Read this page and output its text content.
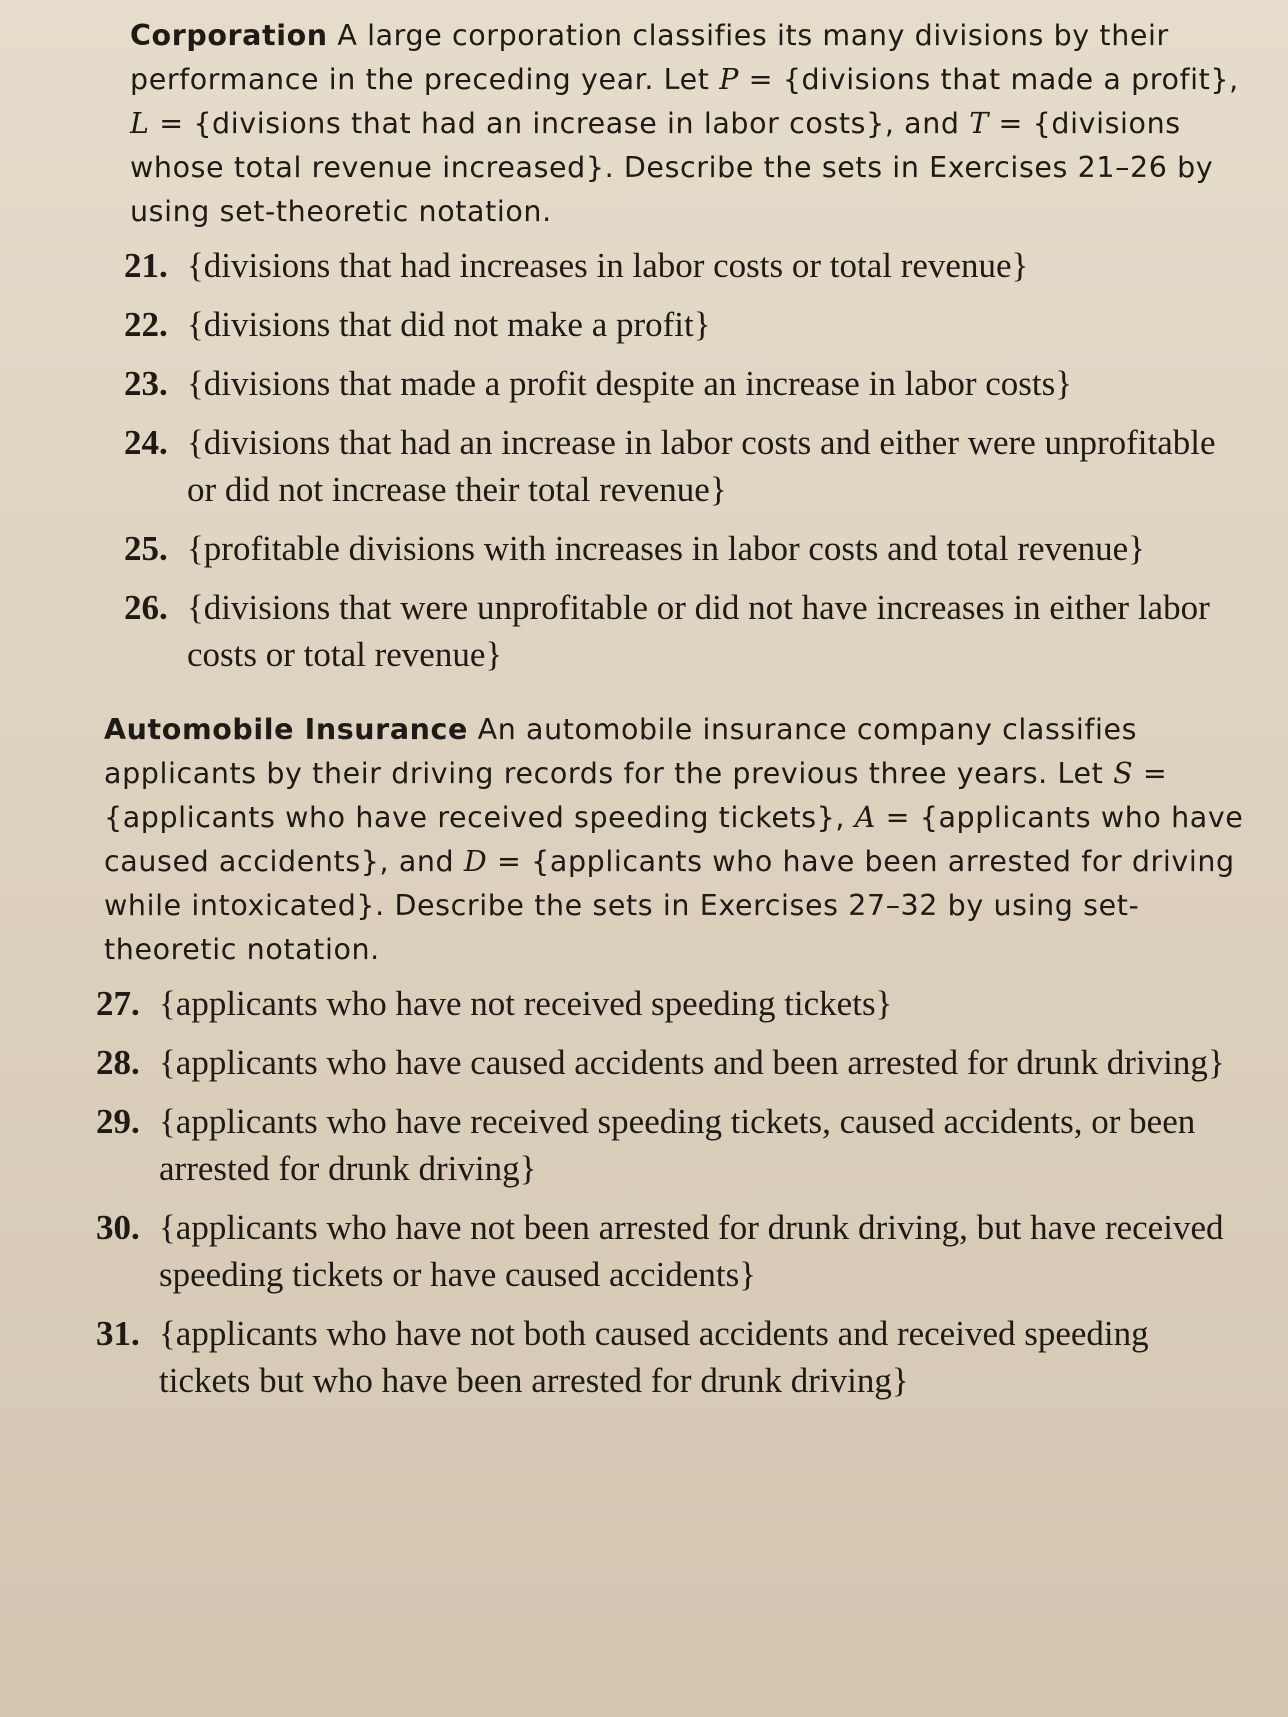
Corporation A large corporation classifies its many divisions by their performance in the preceding year. Let P = {divisions that made a profit}, L = {divisions that had an increase in labor costs}, and T = {divisions whose total revenue increased}. Describe the sets in Exercises 21–26 by using set-theoretic notation.

21. {divisions that had increases in labor costs or total revenue}
22. {divisions that did not make a profit}
23. {divisions that made a profit despite an increase in labor costs}
24. {divisions that had an increase in labor costs and either were unprofitable or did not increase their total revenue}
25. {profitable divisions with increases in labor costs and total revenue}
26. {divisions that were unprofitable or did not have increases in either labor costs or total revenue}

Automobile Insurance An automobile insurance company classifies applicants by their driving records for the previous three years. Let S = {applicants who have received speeding tickets}, A = {applicants who have caused accidents}, and D = {applicants who have been arrested for driving while intoxicated}. Describe the sets in Exercises 27–32 by using set-theoretic notation.

27. {applicants who have not received speeding tickets}
28. {applicants who have caused accidents and been arrested for drunk driving}
29. {applicants who have received speeding tickets, caused accidents, or been arrested for drunk driving}
30. {applicants who have not been arrested for drunk driving, but have received speeding tickets or have caused accidents}
31. {applicants who have not both caused accidents and received speeding tickets but who have been arrested for drunk driving}
